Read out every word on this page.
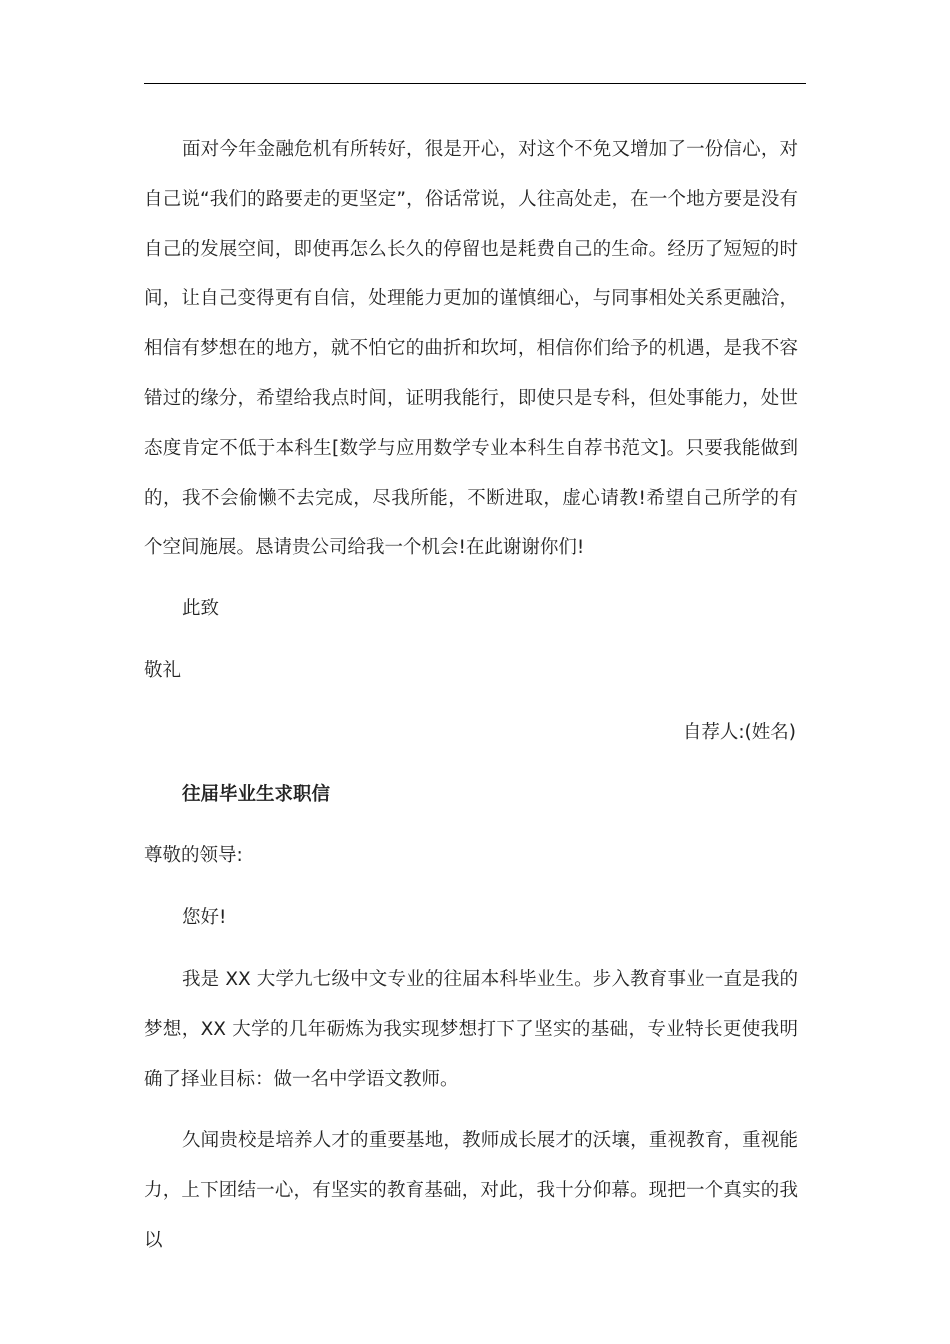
面对今年金融危机有所转好，很是开心，对这个不免又增加了一份信心，对自己说“我们的路要走的更坚定”，俗话常说，人往高处走，在一个地方要是没有自己的发展空间，即使再怎么长久的停留也是耗费自己的生命。经历了短短的时间，让自己变得更有自信，处理能力更加的谨慎细心，与同事相处关系更融洽，相信有梦想在的地方，就不怕它的曲折和坎坷，相信你们给予的机遇，是我不容错过的缘分，希望给我点时间，证明我能行，即使只是专科，但处事能力，处世态度肯定不低于本科生[数学与应用数学专业本科生自荐书范文]。只要我能做到的，我不会偷懒不去完成，尽我所能，不断进取，虚心请教!希望自己所学的有个空间施展。恳请贵公司给我一个机会!在此谢谢你们!

此致

敬礼

自荐人:(姓名)

往届毕业生求职信

尊敬的领导:

您好!

我是 XX 大学九七级中文专业的往届本科毕业生。步入教育事业一直是我的梦想，XX 大学的几年砺炼为我实现梦想打下了坚实的基础，专业特长更使我明确了择业目标：做一名中学语文教师。

久闻贵校是培养人才的重要基地，教师成长展才的沃壤，重视教育，重视能力，上下团结一心，有坚实的教育基础，对此，我十分仰幕。现把一个真实的我以
